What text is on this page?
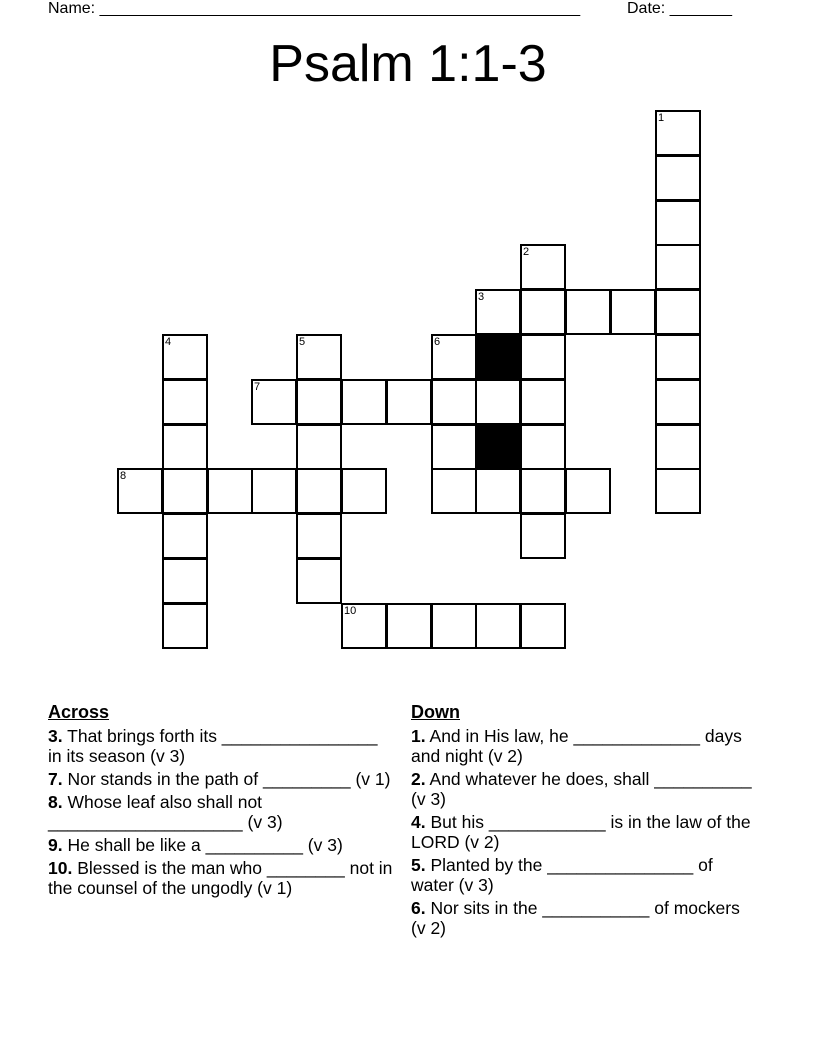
Name: ______________________________________________________	Date: _______
Psalm 1:1-3
1
2
3
4	5	6
7
8
10
Across
3. That brings forth its ________________ in its season (v 3)
7. Nor stands in the path of _________ (v 1)
8. Whose leaf also shall not ____________________ (v 3)
9. He shall be like a __________ (v 3)
10. Blessed is the man who ________ not in the counsel of the ungodly (v 1)
Down
1. And in His law, he _____________ days and night (v 2)
2. And whatever he does, shall __________ (v 3)
4. But his ____________ is in the law of the LORD (v 2)
5. Planted by the _______________ of water (v 3)
6. Nor sits in the ___________ of mockers (v 2)
